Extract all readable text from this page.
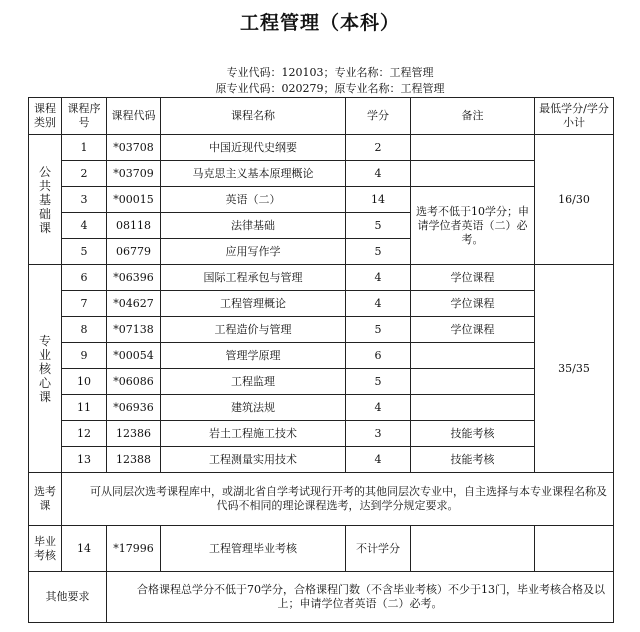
工程管理（本科）
专业代码：120103；专业名称：工程管理
原专业代码：020279；原专业名称：工程管理
课程类别	课程序号	课程代码	课程名称	学分	备注	最低学分/学分小计
公
共
基
础
课	1	*03708	中国近现代史纲要	2		16/30
	2	*03709	马克思主义基本原理概论	4		
	3	*00015	英语（二）	14	选考不低于10学分；申请学位者英语（二）必考。	
	4	08118	法律基础	5		
	5	06779	应用写作学	5		
专
业
核
心
课	6	*06396	国际工程承包与管理	4	学位课程	35/35
	7	*04627	工程管理概论	4	学位课程	
	8	*07138	工程造价与管理	5	学位课程	
	9	*00054	管理学原理	6		
	10	*06086	工程监理	5		
	11	*06936	建筑法规	4		
	12	12386	岩土工程施工技术	3	技能考核	
	13	12388	工程测量实用技术	4	技能考核	
选考课	可从同层次选考课程库中，或湖北省自学考试现行开考的其他同层次专业中，自主选择与本专业课程名称及代码不相同的理论课程选考，达到学分规定要求。					
毕业考核	14	*17996	工程管理毕业考核	不计学分		
其他要求		合格课程总学分不低于70学分，合格课程门数（不含毕业考核）不少于13门，毕业考核合格及以上；申请学位者英语（二）必考。				
